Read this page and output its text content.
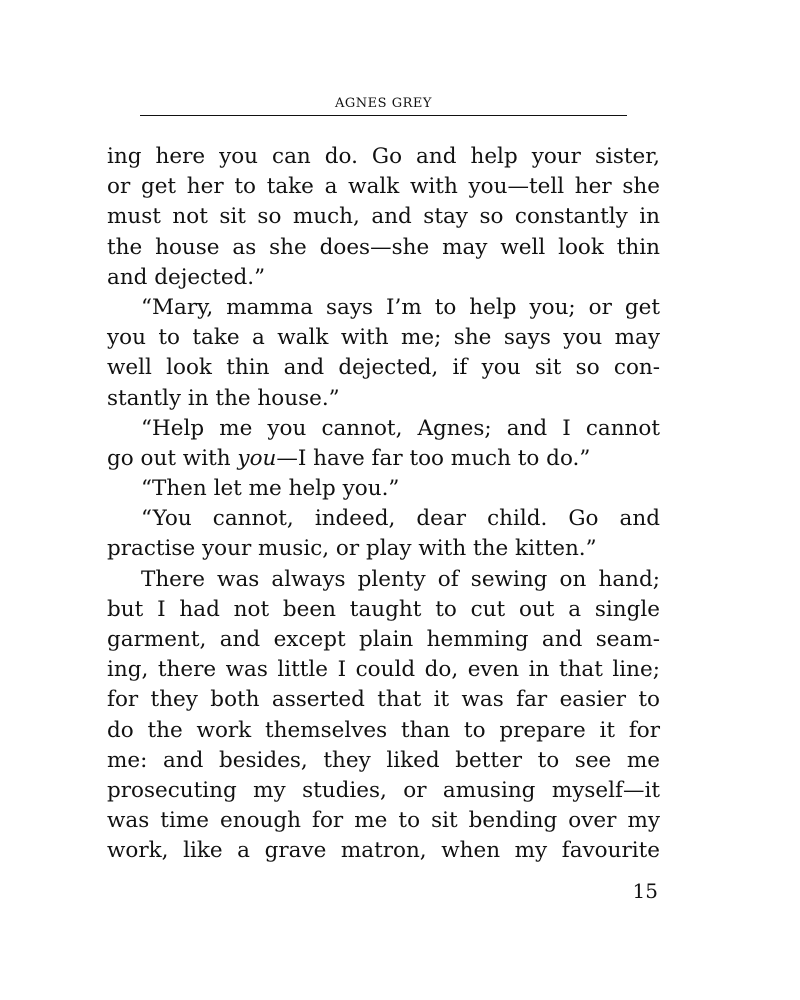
AGNES GREY
ing here you can do. Go and help your sister,
or get her to take a walk with you—tell her she
must not sit so much, and stay so constantly in
the house as she does—she may well look thin
and dejected.”
“Mary, mamma says I’m to help you; or get
you to take a walk with me; she says you may
well look thin and dejected, if you sit so con-
stantly in the house.”
“Help me you cannot, Agnes; and I cannot
go out with you—I have far too much to do.”
“Then let me help you.”
“You cannot, indeed, dear child. Go and
practise your music, or play with the kitten.”
There was always plenty of sewing on hand;
but I had not been taught to cut out a single
garment, and except plain hemming and seam-
ing, there was little I could do, even in that line;
for they both asserted that it was far easier to
do the work themselves than to prepare it for
me: and besides, they liked better to see me
prosecuting my studies, or amusing myself—it
was time enough for me to sit bending over my
work, like a grave matron, when my favourite
15
